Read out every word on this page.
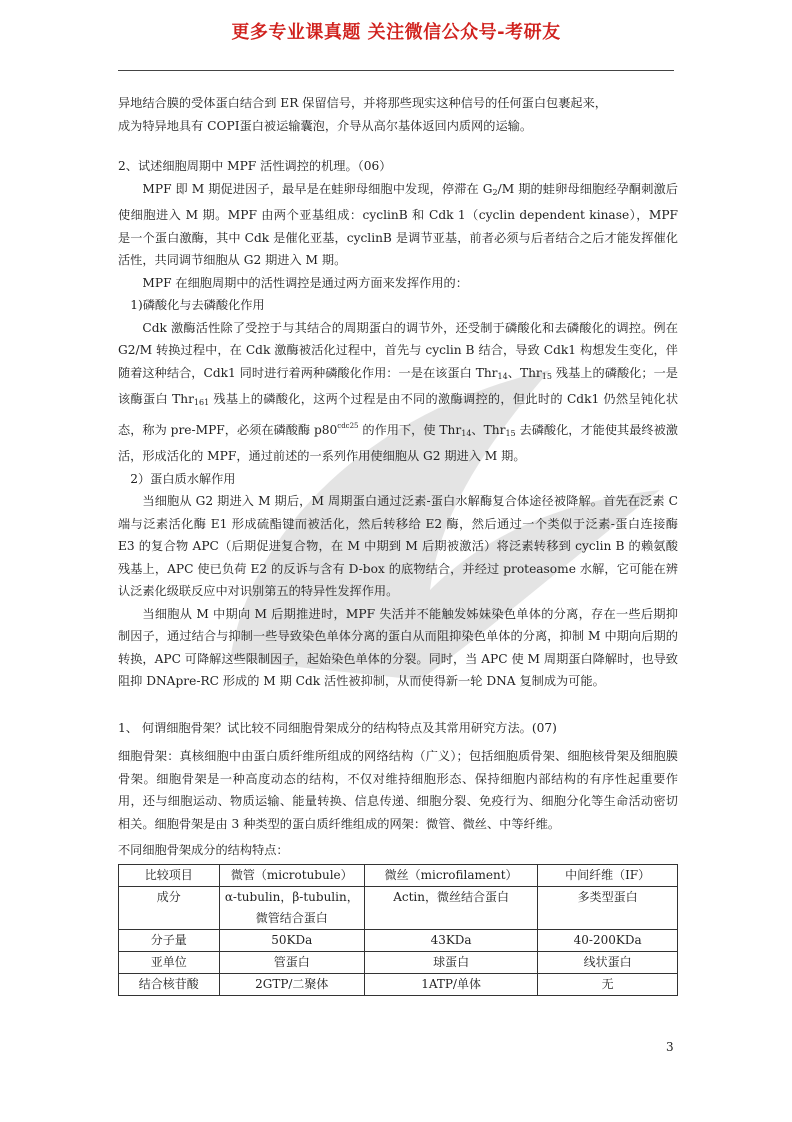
更多专业课真题 关注微信公众号-考研友

异地结合膜的受体蛋白结合到 ER 保留信号，并将那些现实这种信号的任何蛋白包裹起来，

成为特异地具有 COPⅠ蛋白被运输囊泡，介导从高尔基体返回内质网的运输。

2、试述细胞周期中 MPF 活性调控的机理。（06）

MPF 即 M 期促进因子，最早是在蛙卵母细胞中发现，停滞在 $G_2/M$ 期的蛙卵母细胞经孕酮刺激后使细胞进入 M 期。MPF 由两个亚基组成：cyclinB 和 Cdk 1（cyclin dependent kinase），MPF 是一个蛋白激酶，其中 Cdk 是催化亚基，cyclinB 是调节亚基，前者必须与后者结合之后才能发挥催化活性，共同调节细胞从 G2 期进入 M 期。

MPF 在细胞周期中的活性调控是通过两方面来发挥作用的：

1)磷酸化与去磷酸化作用

Cdk 激酶活性除了受控于与其结合的周期蛋白的调节外，还受制于磷酸化和去磷酸化的调控。例在 G2/M 转换过程中，在 Cdk 激酶被活化过程中，首先与 cyclin B 结合，导致 Cdk1 构想发生变化，伴随着这种结合，Cdk1 同时进行着两种磷酸化作用：一是在该蛋白 Thr$_{14}$、Thr$_{15}$ 残基上的磷酸化；一是该酶蛋白 Thr$_{161}$ 残基上的磷酸化，这两个过程是由不同的激酶调控的，但此时的 Cdk1 仍然呈钝化状态，称为 pre-MPF，必须在磷酸酶 $p80^{cdc25}$ 的作用下，使 Thr$_{14}$、Thr$_{15}$ 去磷酸化，才能使其最终被激活，形成活化的 MPF，通过前述的一系列作用使细胞从 G2 期进入 M 期。

2）蛋白质水解作用

当细胞从 G2 期进入 M 期后，M 周期蛋白通过泛素-蛋白水解酶复合体途径被降解。首先在泛素 C 端与泛素活化酶 E1 形成硫酯键而被活化，然后转移给 E2 酶，然后通过一个类似于泛素-蛋白连接酶 E3 的复合物 APC（后期促进复合物，在 M 中期到 M 后期被激活）将泛素转移到 cyclin B 的赖氨酸残基上，APC 使已负荷 E2 的反诉与含有 D-box 的底物结合，并经过 proteasome 水解，它可能在辨认泛素化级联反应中对识别第五的特异性发挥作用。

当细胞从 M 中期向 M 后期推进时，MPF 失活并不能触发姊妹染色单体的分离，存在一些后期抑制因子，通过结合与抑制一些导致染色单体分离的蛋白从而阻抑染色单体的分离，抑制 M 中期向后期的转换，APC 可降解这些限制因子，起始染色单体的分裂。同时，当 APC 使 M 周期蛋白降解时，也导致阻抑 DNApre-RC 形成的 M 期 Cdk 活性被抑制，从而使得新一轮 DNA 复制成为可能。

1、 何谓细胞骨架？试比较不同细胞骨架成分的结构特点及其常用研究方法。(07)

细胞骨架：真核细胞中由蛋白质纤维所组成的网络结构（广义）；包括细胞质骨架、细胞核骨架及细胞膜骨架。细胞骨架是一种高度动态的结构，不仅对维持细胞形态、保持细胞内部结构的有序性起重要作用，还与细胞运动、物质运输、能量转换、信息传递、细胞分裂、免疫行为、细胞分化等生命活动密切相关。细胞骨架是由 3 种类型的蛋白质纤维组成的网架：微管、微丝、中等纤维。

不同细胞骨架成分的结构特点：

比较项目	微管（microtubule）	微丝（microfilament）	中间纤维（IF）
成分	α-tubulin，β-tubulin，微管结合蛋白	Actin，微丝结合蛋白	多类型蛋白
分子量	50KDa	43KDa	40-200KDa
亚单位	管蛋白	球蛋白	线状蛋白
结合核苷酸	2GTP/二聚体	1ATP/单体	无
3
